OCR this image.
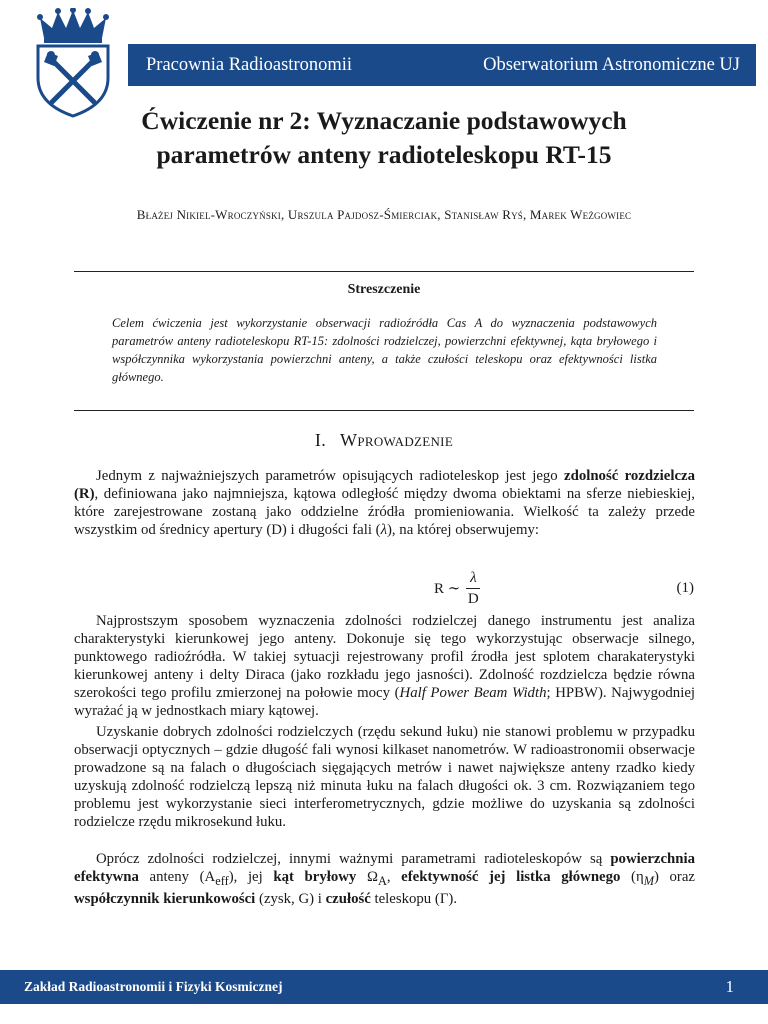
Pracownia Radioastronomii	Obserwatorium Astronomiczne UJ
Ćwiczenie nr 2: Wyznaczanie podstawowych
parametrów anteny radioteleskopu RT-15
Błażej Nikiel-Wroczyński, Urszula Pajdosz-Śmierciak, Stanisław Ryś, Marek Weżgowiec
Streszczenie
Celem ćwiczenia jest wykorzystanie obserwacji radioźródła Cas A do wyznaczenia podstawowych parametrów anteny radioteleskopu RT-15: zdolności rodzielczej, powierzchni efektywnej, kąta bryłowego i współczynnika wykorzystania powierzchni anteny, a także czułości teleskopu oraz efektywności listka głównego.
I. Wprowadzenie

Jednym z najważniejszych parametrów opisujących radioteleskop jest jego zdolność rozdzielcza (R), definiowana jako najmniejsza, kątowa odległość między dwoma obiektami na sferze niebieskiej, które zarejestrowane zostaną jako oddzielne źródła promieniowania. Wielkość ta zależy przede wszystkim od średnicy apertury (D) i długości fali (λ), na której obserwujemy:

R ∼
λ
D
(1)

Najprostszym sposobem wyznaczenia zdolności rodzielczej danego instrumentu jest analiza charakterystyki kierunkowej jego anteny. Dokonuje się tego wykorzystując obserwacje silnego, punktowego radioźródła. W takiej sytuacji rejestrowany profil źrodła jest splotem charakaterystyki kierunkowej anteny i delty Diraca (jako rozkładu jego jasności). Zdolność rozdzielcza będzie równa szerokości tego profilu zmierzonej na połowie mocy (Half Power Beam Width; HPBW). Najwygodniej wyrażać ją w jednostkach miary kątowej.

Uzyskanie dobrych zdolności rodzielczych (rzędu sekund łuku) nie stanowi problemu w przypadku obserwacji optycznych – gdzie długość fali wynosi kilkaset nanometrów. W radioastronomii obserwacje prowadzone są na falach o długościach sięgających metrów i nawet największe anteny rzadko kiedy uzyskują zdolność rodzielczą lepszą niż minuta łuku na falach długości ok. 3 cm. Rozwiązaniem tego problemu jest wykorzystanie sieci interferometrycznych, gdzie możliwe do uzyskania są zdolności rodzielcze rzędu mikrosekund łuku.

Oprócz zdolności rodzielczej, innymi ważnymi parametrami radioteleskopów są powierzchnia efektywna anteny $(A_{eff})$, jej kąt bryłowy $\Omega_A$, efektywność jej listka głównego $(\eta_M)$ oraz współczynnik kierunkowości (zysk, G) i czułość teleskopu (Γ).

Zakład Radioastronomii i Fizyki Kosmicznej	1
